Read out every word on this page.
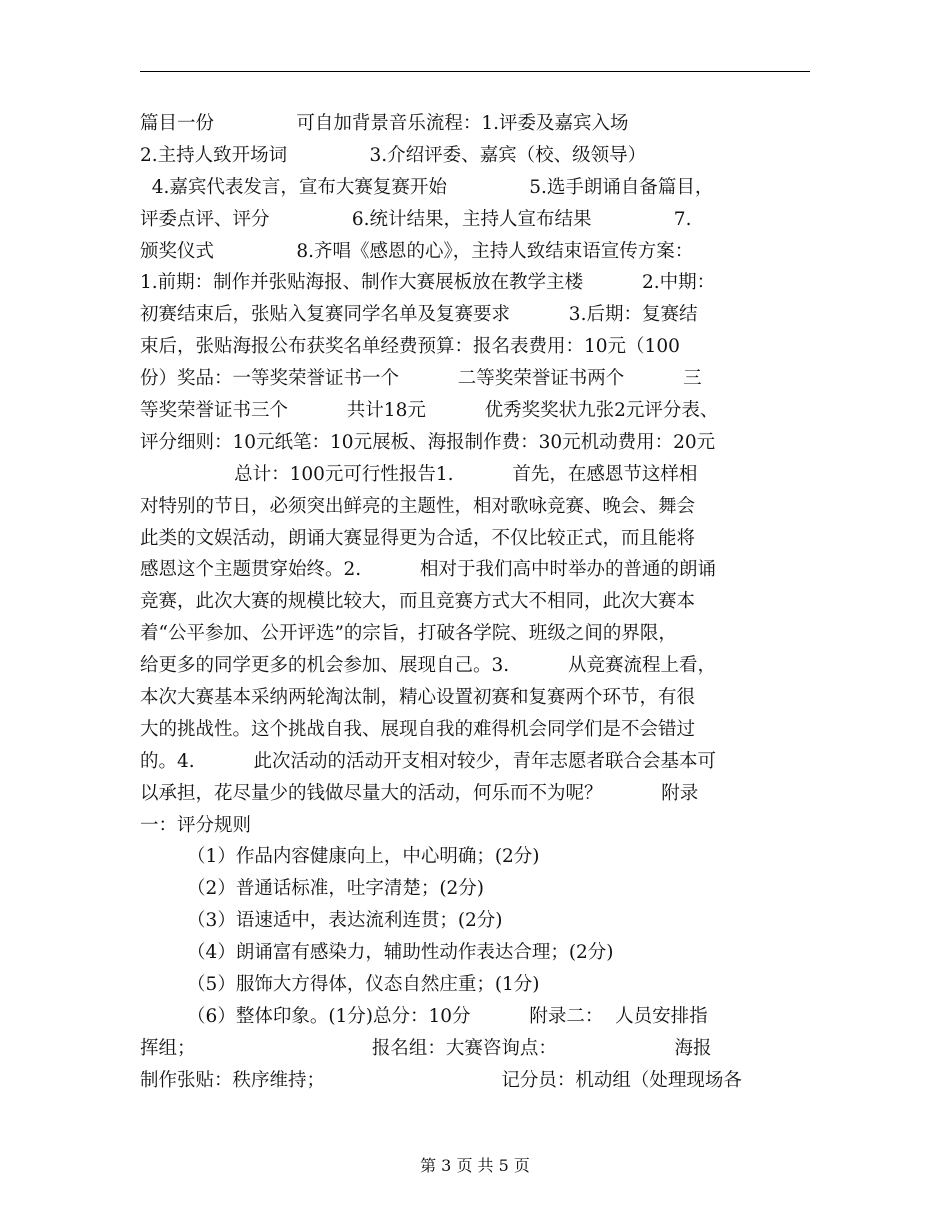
篇目一份              可自加背景音乐流程：1.评委及嘉宾入场
2.主持人致开场词              3.介绍评委、嘉宾（校、级领导）
4.嘉宾代表发言，宣布大赛复赛开始              5.选手朗诵自备篇目，
评委点评、评分              6.统计结果，主持人宣布结果              7.
颁奖仪式              8.齐唱《感恩的心》，主持人致结束语宣传方案：
1.前期：制作并张贴海报、制作大赛展板放在教学主楼          2.中期：
初赛结束后，张贴入复赛同学名单及复赛要求          3.后期：复赛结
束后，张贴海报公布获奖名单经费预算：报名表费用：10元（100
份）奖品：一等奖荣誉证书一个          二等奖荣誉证书两个          三
等奖荣誉证书三个          共计18元          优秀奖奖状九张2元评分表、
评分细则：10元纸笔：10元展板、海报制作费：30元机动费用：20元
总计：100元可行性报告1.          首先，在感恩节这样相
对特别的节日，必须突出鲜亮的主题性，相对歌咏竞赛、晚会、舞会
此类的文娱活动，朗诵大赛显得更为合适，不仅比较正式，而且能将
感恩这个主题贯穿始终。2.          相对于我们高中时举办的普通的朗诵
竞赛，此次大赛的规模比较大，而且竞赛方式大不相同，此次大赛本
着“公平参加、公开评选”的宗旨，打破各学院、班级之间的界限，
给更多的同学更多的机会参加、展现自己。3.          从竞赛流程上看，
本次大赛基本采纳两轮淘汰制，精心设置初赛和复赛两个环节，有很
大的挑战性。这个挑战自我、展现自我的难得机会同学们是不会错过
的。4.          此次活动的活动开支相对较少，青年志愿者联合会基本可
以承担，花尽量少的钱做尽量大的活动，何乐而不为呢？          附录
一：评分规则
（1）作品内容健康向上，中心明确；(2分)
（2）普通话标准，吐字清楚；(2分)
（3）语速适中，表达流利连贯；(2分)
（4）朗诵富有感染力，辅助性动作表达合理；(2分)
（5）服饰大方得体，仪态自然庄重；(1分)
（6）整体印象。(1分)总分：10分          附录二：  人员安排指
挥组；                              报名组：大赛咨询点：                    海报
制作张贴：秩序维持；                              记分员：机动组（处理现场各
第 3 页 共 5 页
